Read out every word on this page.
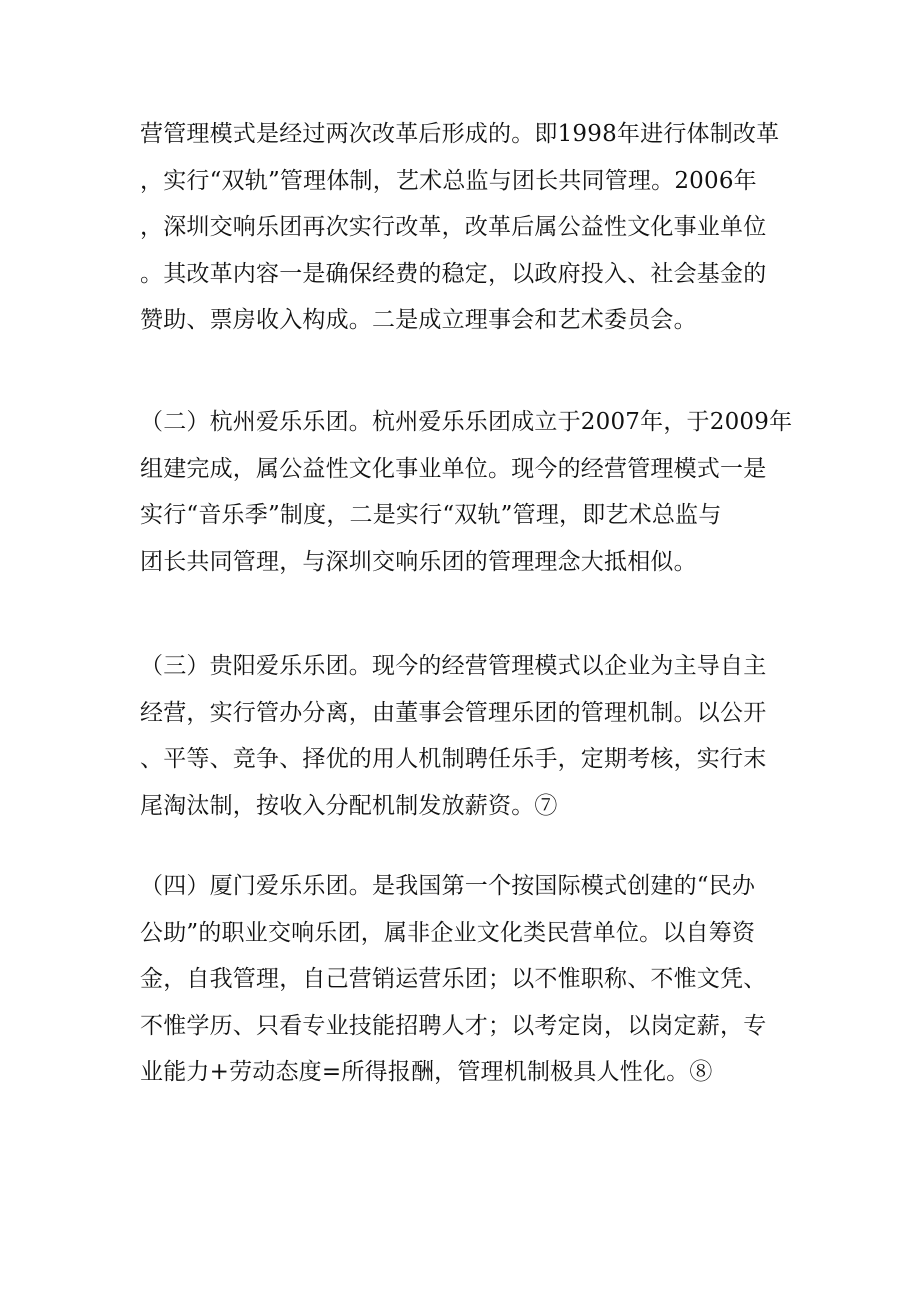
营管理模式是经过两次改革后形成的。即1998年进行体制改革
，实行“双轨”管理体制，艺术总监与团长共同管理。2006年
，深圳交响乐团再次实行改革，改革后属公益性文化事业单位
。其改革内容一是确保经费的稳定，以政府投入、社会基金的
赞助、票房收入构成。二是成立理事会和艺术委员会。

（二）杭州爱乐乐团。杭州爱乐乐团成立于2007年，于2009年
组建完成，属公益性文化事业单位。现今的经营管理模式一是
实行“音乐季”制度，二是实行“双轨”管理，即艺术总监与
团长共同管理，与深圳交响乐团的管理理念大抵相似。

（三）贵阳爱乐乐团。现今的经营管理模式以企业为主导自主
经营，实行管办分离，由董事会管理乐团的管理机制。以公开
、平等、竞争、择优的用人机制聘任乐手，定期考核，实行末
尾淘汰制，按收入分配机制发放薪资。⑦

（四）厦门爱乐乐团。是我国第一个按国际模式创建的“民办
公助”的职业交响乐团，属非企业文化类民营单位。以自筹资
金，自我管理，自己营销运营乐团；以不惟职称、不惟文凭、
不惟学历、只看专业技能招聘人才；以考定岗，以岗定薪，专
业能力+劳动态度=所得报酬，管理机制极具人性化。⑧
